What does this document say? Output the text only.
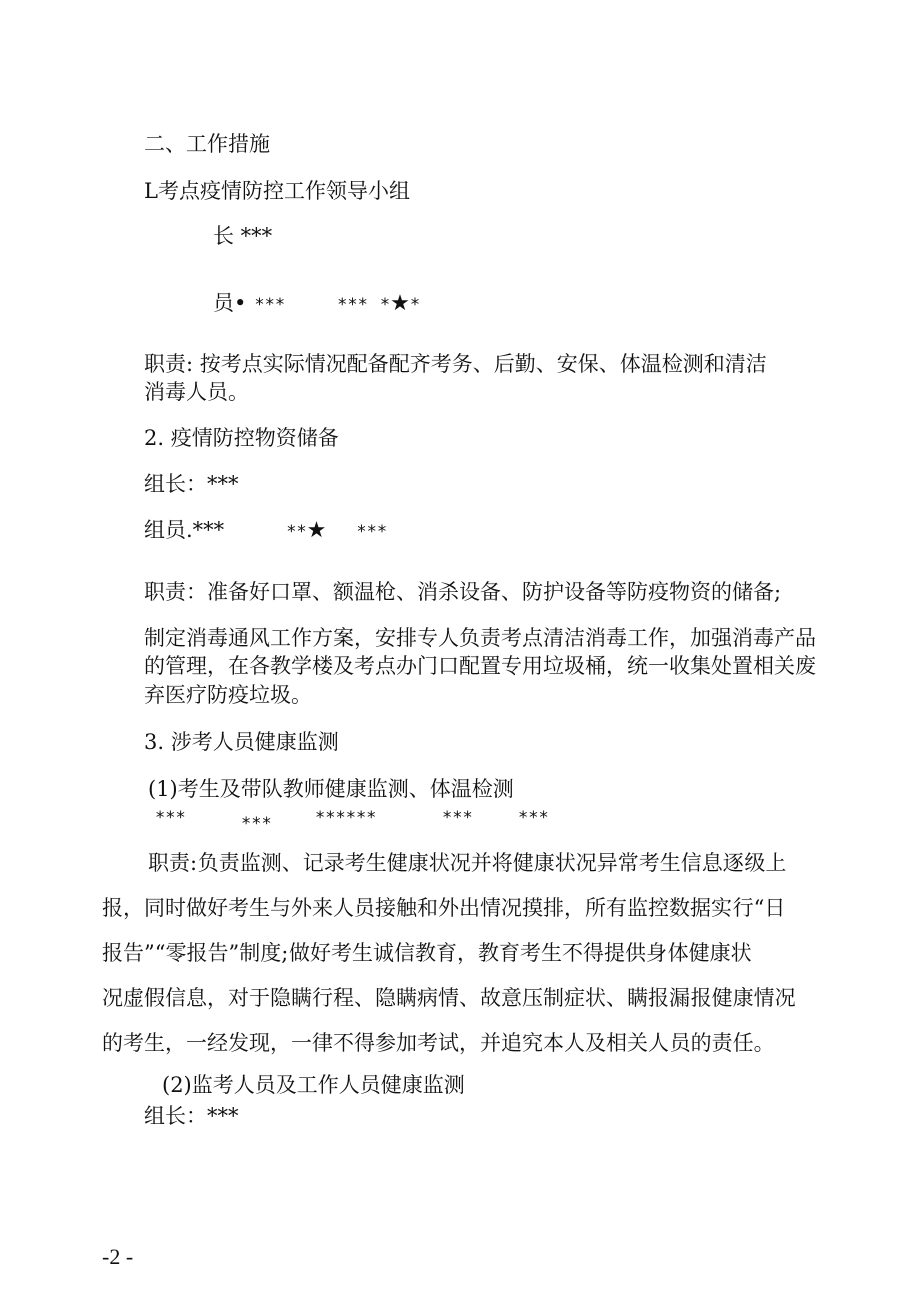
二、工作措施
L考点疫情防控工作领导小组
长 ***
员• ***	*** *★*
职责: 按考点实际情况配备配齐考务、后勤、安保、体温检测和清洁
消毒人员。
2. 疫情防控物资储备
组长：***
组员.***	**★ ***
职责：准备好口罩、额温枪、消杀设备、防护设备等防疫物资的储备;
制定消毒通风工作方案，安排专人负责考点清洁消毒工作，加强消毒产品
的管理，在各教学楼及考点办门口配置专用垃圾桶，统一收集处置相关废
弃医疗防疫垃圾。
3. 涉考人员健康监测
(1)考生及带队教师健康监测、体温检测
***	***	******	***	***
职责: 负责监测、记录考生健康状况并将健康状况异常考生信息逐 级上
报，同时做好考生与外来人员接触和外出情况摸排，所有监控数据实 行“日
报告”“零报告”制度; 做好考生诚信教育，教育考生不得提供身 体健康状
况虚假信息，对于隐瞒行程、隐瞒病情、故意压制症状、瞒报漏 报健康情况
的考生，一经发现，一律不得参加考试，并追究本人及相关人 员的责任。
(2)监考人员及工作人员健康监测
组长：***
-2 -
